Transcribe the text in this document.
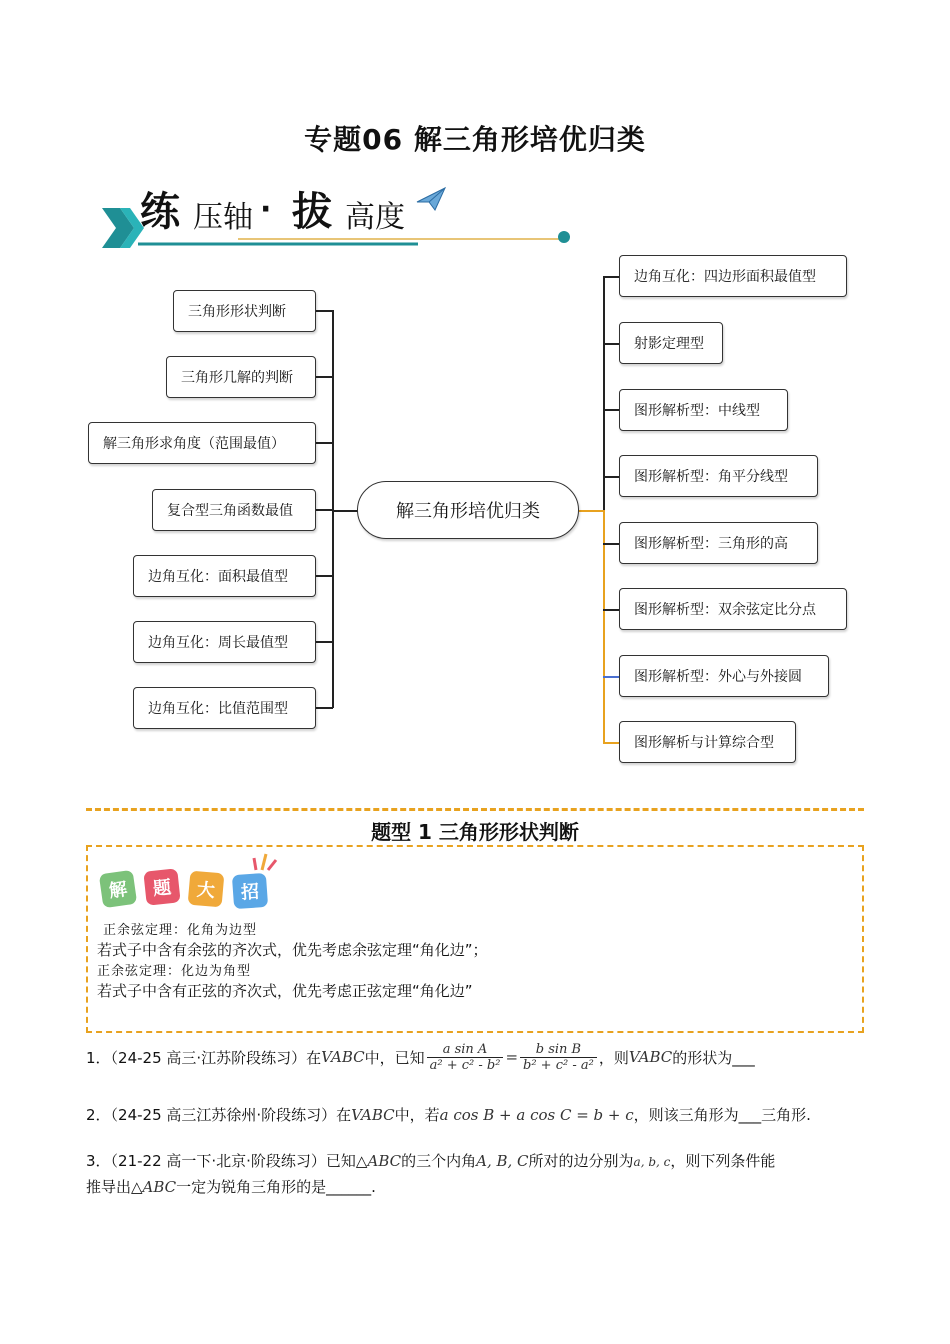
专题06 解三角形培优归类
练 压轴 · 拔 高度
解三角形培优归类
三角形形状判断
三角形几解的判断
解三角形求角度（范围最值）
复合型三角函数最值
边角互化：面积最值型
边角互化：周长最值型
边角互化：比值范围型
边角互化：四边形面积最值型
射影定理型
图形解析型：中线型
图形解析型：角平分线型
图形解析型：三角形的高
图形解析型：双余弦定比分点
图形解析型：外心与外接圆
图形解析与计算综合型
题型 1 三角形形状判断
解	题	大	招
正余弦定理：化角为边型
若式子中含有余弦的齐次式，优先考虑余弦定理“角化边”；
正余弦定理：化边为角型
若式子中含有正弦的齐次式，优先考虑正弦定理“角化边”
1．（24-25 高三·江苏阶段练习）在 VABC 中，已知 $\frac{\text{a sin A}}{\text{a² + c² - b²}} = \frac{\text{b sin B}}{\text{b² + c² - a²}}$ ，则 VABC 的形状为___
2．（24-25 高三江苏徐州·阶段练习）在VABC中，若a cos B + a cos C = b + c，则该三角形为___三角形.
3．（21-22 高一下·北京·阶段练习）已知△ABC的三个内角A, B, C所对的边分别为a, b, c，则下列条件能
推导出△ABC一定为锐角三角形的是______.
